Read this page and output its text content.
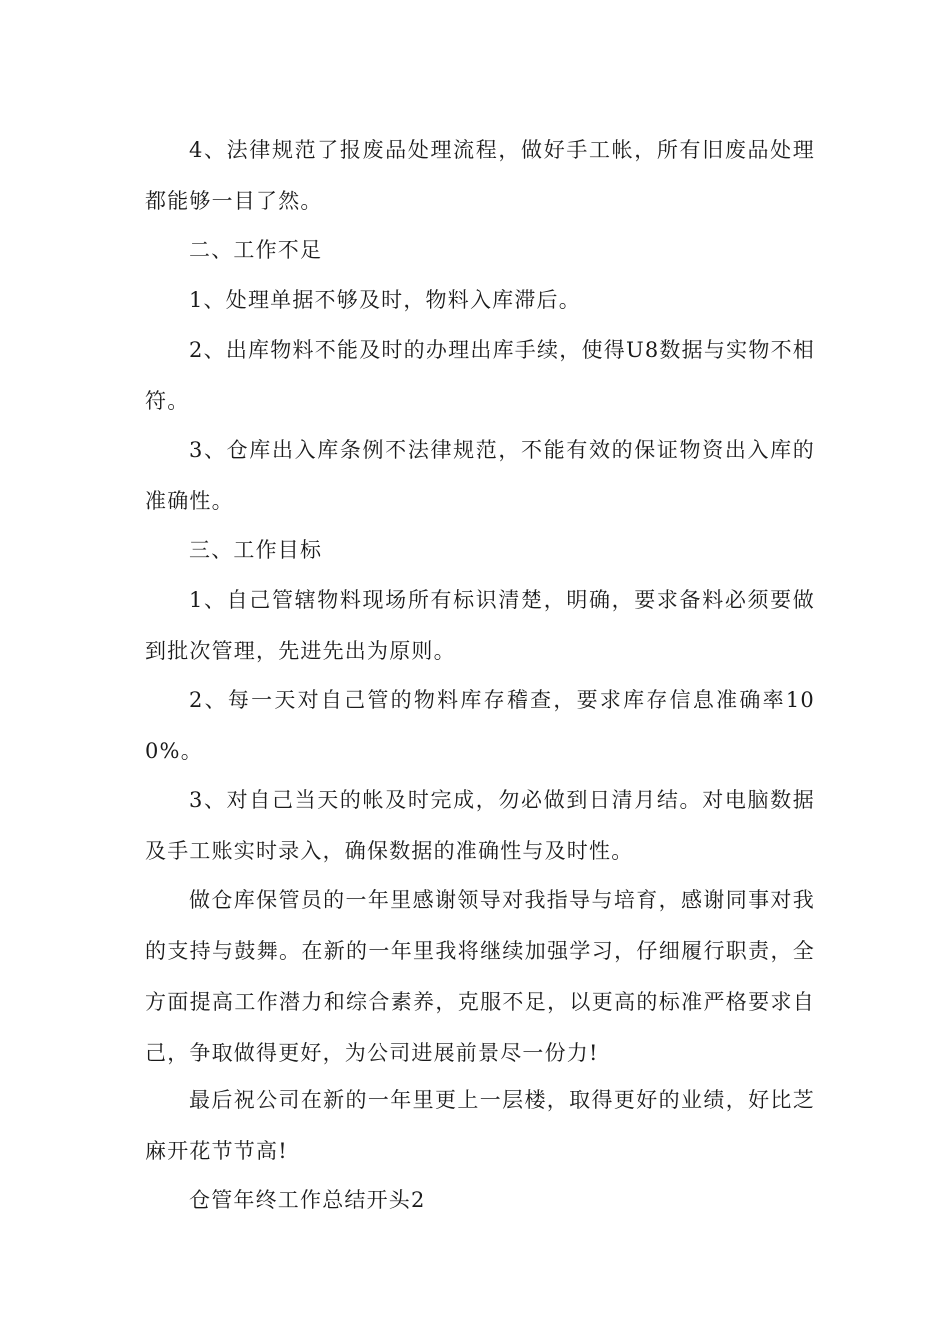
4、法律规范了报废品处理流程，做好手工帐，所有旧废品处理都能够一目了然。

二、工作不足

1、处理单据不够及时，物料入库滞后。

2、出库物料不能及时的办理出库手续，使得U8数据与实物不相符。

3、仓库出入库条例不法律规范，不能有效的保证物资出入库的准确性。

三、工作目标

1、自己管辖物料现场所有标识清楚，明确，要求备料必须要做到批次管理，先进先出为原则。

2、每一天对自己管的物料库存稽查，要求库存信息准确率100%。

3、对自己当天的帐及时完成，勿必做到日清月结。对电脑数据及手工账实时录入，确保数据的准确性与及时性。

做仓库保管员的一年里感谢领导对我指导与培育，感谢同事对我的支持与鼓舞。在新的一年里我将继续加强学习，仔细履行职责，全方面提高工作潜力和综合素养，克服不足，以更高的标准严格要求自己，争取做得更好，为公司进展前景尽一份力!

最后祝公司在新的一年里更上一层楼，取得更好的业绩，好比芝麻开花节节高!

仓管年终工作总结开头2
